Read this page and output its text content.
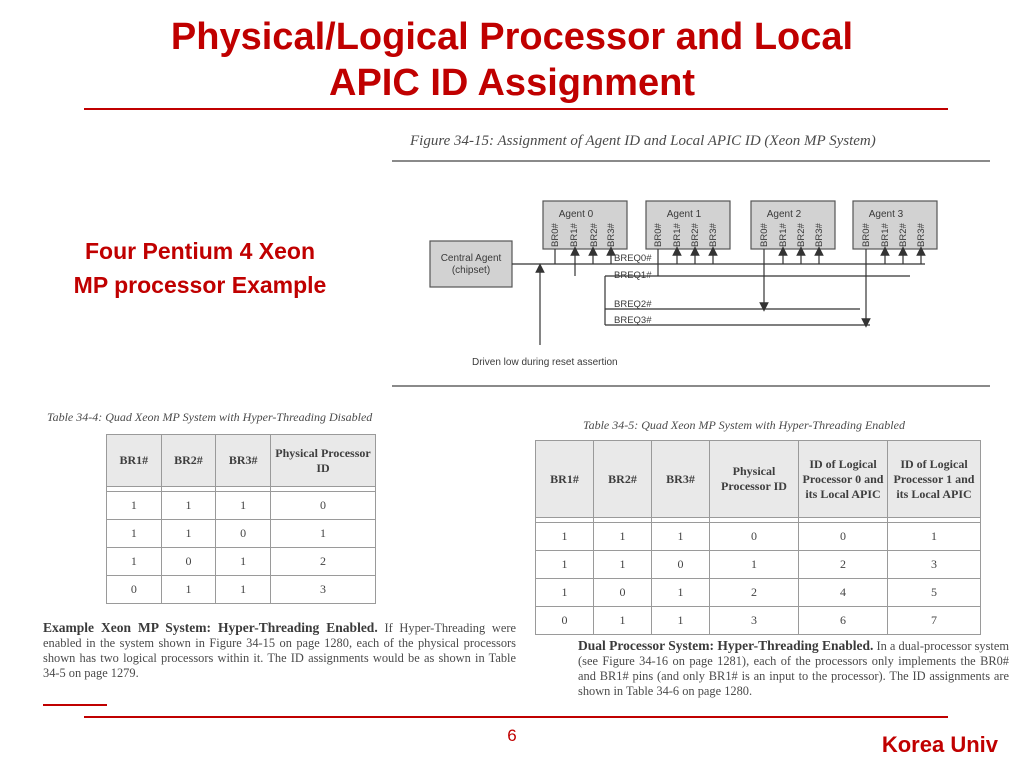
Physical/Logical Processor and Local
APIC ID Assignment
Four Pentium 4 Xeon
MP processor Example
Figure 34-15: Assignment of Agent ID and Local APIC ID (Xeon MP System)
Central Agent
(chipset)
Agent 0
BR0# BR1# BR2# BR3#
Agent 1
BR0# BR1# BR2# BR3#
Agent 2
BR0# BR1# BR2# BR3#
Agent 3
BR0# BR1# BR2# BR3#
BREQ0#
BREQ1#
BREQ2#
BREQ3#
Driven low during reset assertion
Table 34-4: Quad Xeon MP System with Hyper-Threading Disabled
BR1#	BR2#	BR3#	Physical Processor ID

1	1	1	0
1	1	0	1
1	0	1	2
0	1	1	3
Table 34-5: Quad Xeon MP System with Hyper-Threading Enabled
BR1#	BR2#	BR3#	Physical Processor ID	ID of Logical Processor 0 and its Local APIC	ID of Logical Processor 1 and its Local APIC

1	1	1	0	0	1
1	1	0	1	2	3
1	0	1	2	4	5
0	1	1	3	6	7
Example Xeon MP System: Hyper-Threading Enabled. If Hyper-Threading were enabled in the system shown in Figure 34-15 on page 1280, each of the physical processors shown has two logical processors within it. The ID assignments would be as shown in Table 34-5 on page 1279.
Dual Processor System: Hyper-Threading Enabled. In a dual-processor system (see Figure 34-16 on page 1281), each of the processors only implements the BR0# and BR1# pins (and only BR1# is an input to the processor). The ID assignments are shown in Table 34-6 on page 1280.
6	Korea Univ
